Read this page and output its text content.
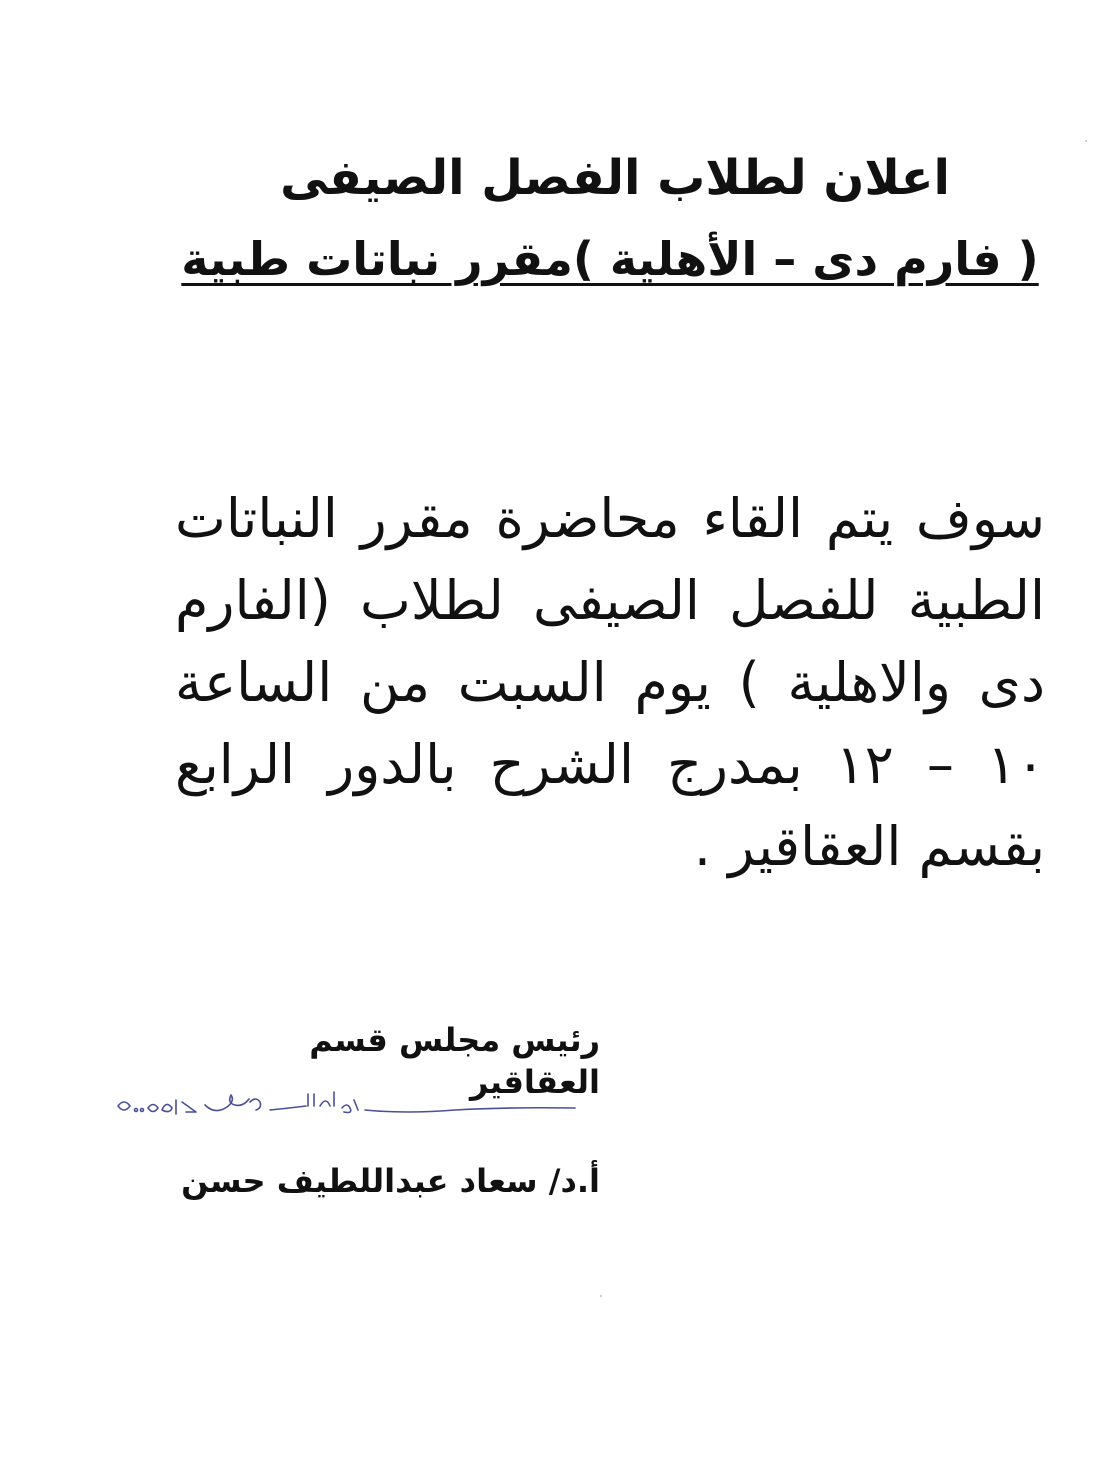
اعلان لطلاب الفصل الصيفى
( فارم دى – الأهلية )مقرر نباتات طبية
سوف يتم القاء محاضرة مقرر النباتات الطبية للفصل الصيفى لطلاب (الفارم دى والاهلية ) يوم السبت من الساعة ١٠ – ١٢ بمدرج الشرح بالدور الرابع بقسم العقاقير .
رئيس مجلس قسم العقاقير
أ.د/ سعاد عبداللطيف حسن
